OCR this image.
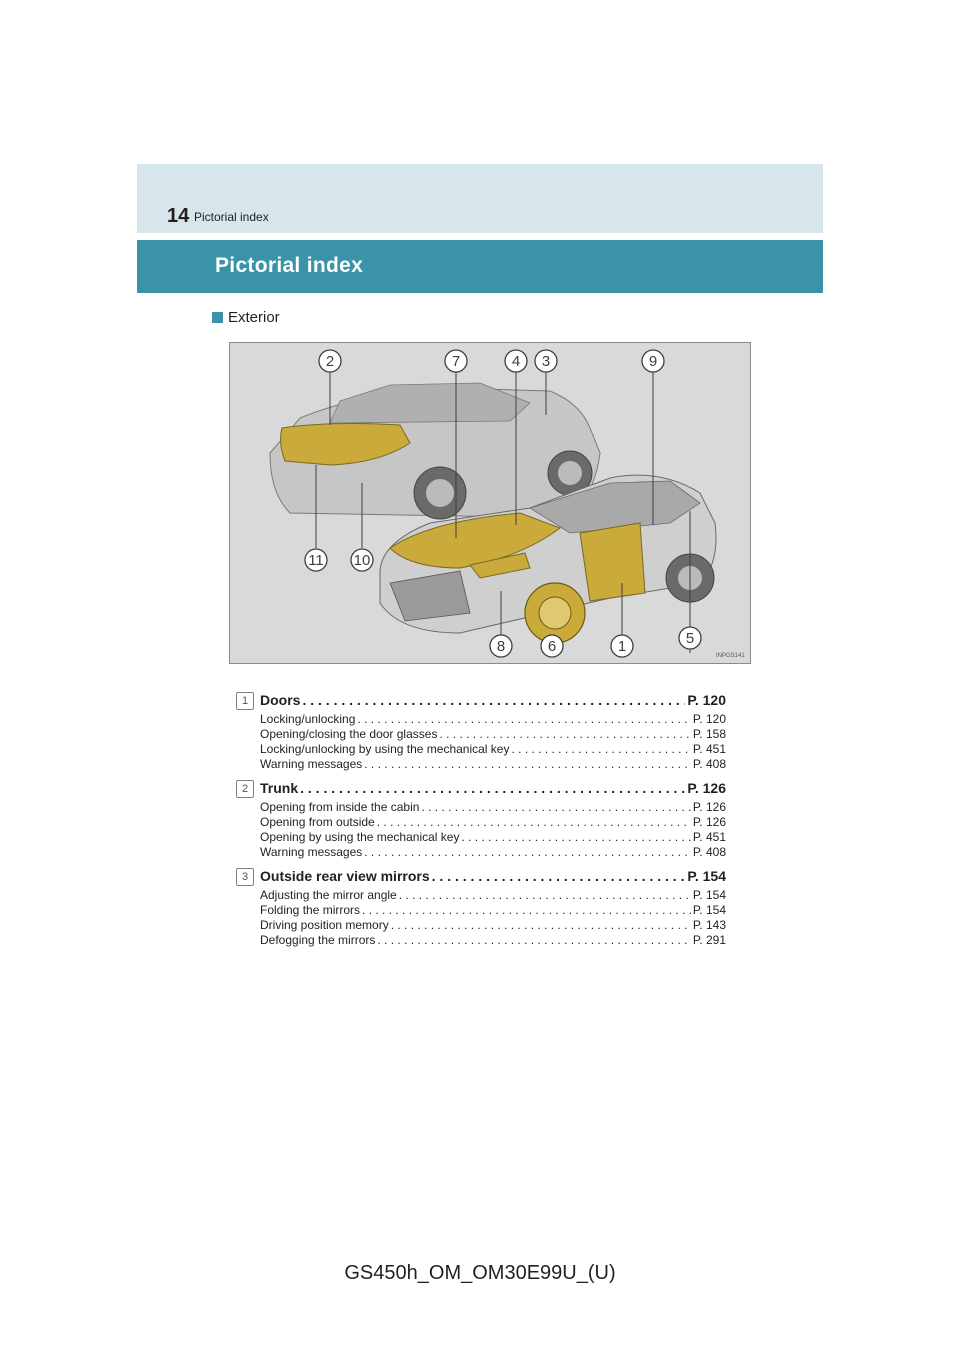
14 Pictorial index
Pictorial index
Exterior
2	7	4 3	9
11 10
8	6	1	5
INPGS141
1 Doors . . .	P. 120
Locking/unlocking . . .	P. 120
Opening/closing the door glasses . . .	P. 158
Locking/unlocking by using the mechanical key . . .	P. 451
Warning messages . . .	P. 408
2 Trunk . . .	P. 126
Opening from inside the cabin . . .	P. 126
Opening from outside . . .	P. 126
Opening by using the mechanical key . . .	P. 451
Warning messages . . .	P. 408
3 Outside rear view mirrors . . .	P. 154
Adjusting the mirror angle . . .	P. 154
Folding the mirrors . . .	P. 154
Driving position memory . . .	P. 143
Defogging the mirrors . . .	P. 291
GS450h_OM_OM30E99U_(U)
